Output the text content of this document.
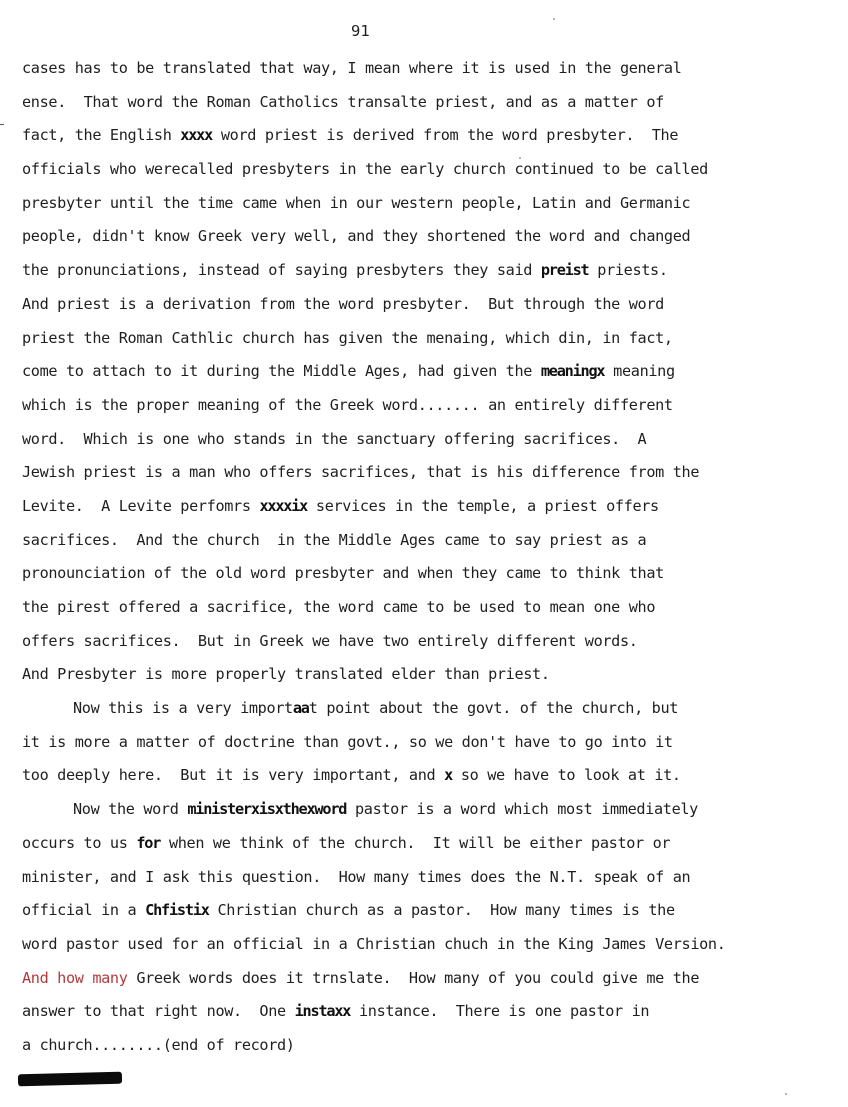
91
cases has to be translated that way, I mean where it is used in the general
ense.  That word the Roman Catholics transalte priest, and as a matter of
fact, the English xxxx word priest is derived from the word presbyter.  The
officials who werecalled presbyters in the early church continued to be called
presbyter until the time came when in our western people, Latin and Germanic
people, didn't know Greek very well, and they shortened the word and changed
the pronunciations, instead of saying presbyters they said preist priests.
And priest is a derivation from the word presbyter.  But through the word
priest the Roman Cathlic church has given the menaing, which din, in fact,
come to attach to it during the Middle Ages, had given the meaningx meaning
which is the proper meaning of the Greek word....... an entirely different
word.  Which is one who stands in the sanctuary offering sacrifices.  A
Jewish priest is a man who offers sacrifices, that is his difference from the
Levite.  A Levite perfomrs xxxxix services in the temple, a priest offers
sacrifices.  And the church  in the Middle Ages came to say priest as a
pronounciation of the old word presbyter and when they came to think that
the pirest offered a sacrifice, the word came to be used to mean one who
offers sacrifices.  But in Greek we have two entirely different words.
And Presbyter is more properly translated elder than priest.
Now this is a very importaat point about the govt. of the church, but
it is more a matter of doctrine than govt., so we don't have to go into it
too deeply here.  But it is very important, and x so we have to look at it.
Now the word ministerxisxthexword pastor is a word which most immediately
occurs to us for when we think of the church.  It will be either pastor or
minister, and I ask this question.  How many times does the N.T. speak of an
official in a Chfistix Christian church as a pastor.  How many times is the
word pastor used for an official in a Christian chuch in the King James Version.
And how many Greek words does it trnslate.  How many of you could give me the
answer to that right now.  One instaxx instance.  There is one pastor in
a church........(end of record)
